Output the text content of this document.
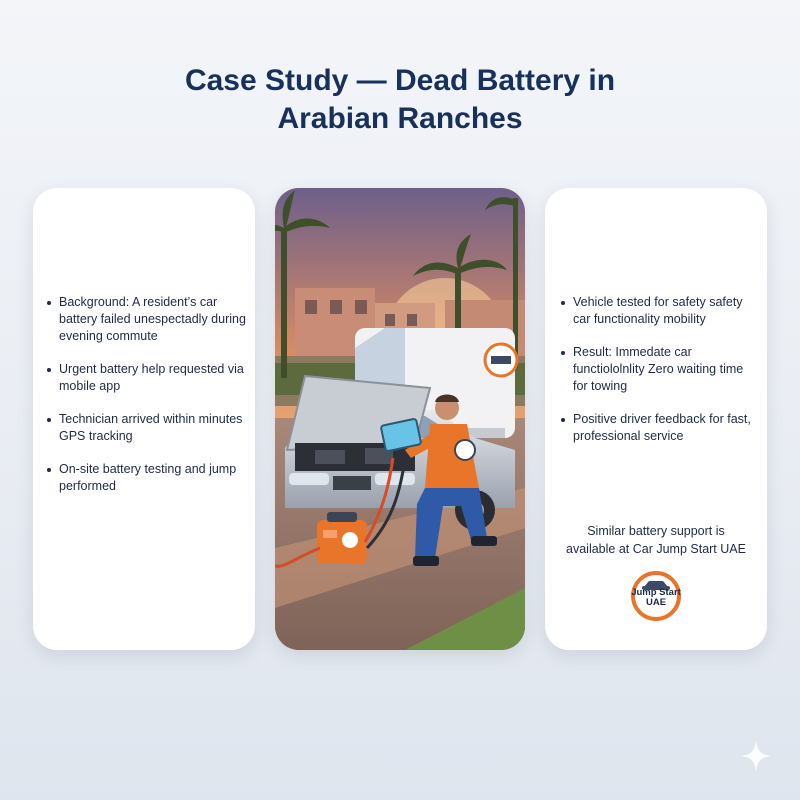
Case Study — Dead Battery in
Arabian Ranches
Background: A resident’s car battery failed unespectadly during evening commute
Urgent battery help requested via mobile app
Technician arrived within minutes GPS tracking
On-site battery testing and jump performed
Vehicle tested for safety safety car functionality mobility
Result: Immedate car functiololnlity Zero waiting time for towing
Positive driver feedback for fast, professional service
Similar battery support is
available at Car Jump Start UAE
Jump Start
UAE
